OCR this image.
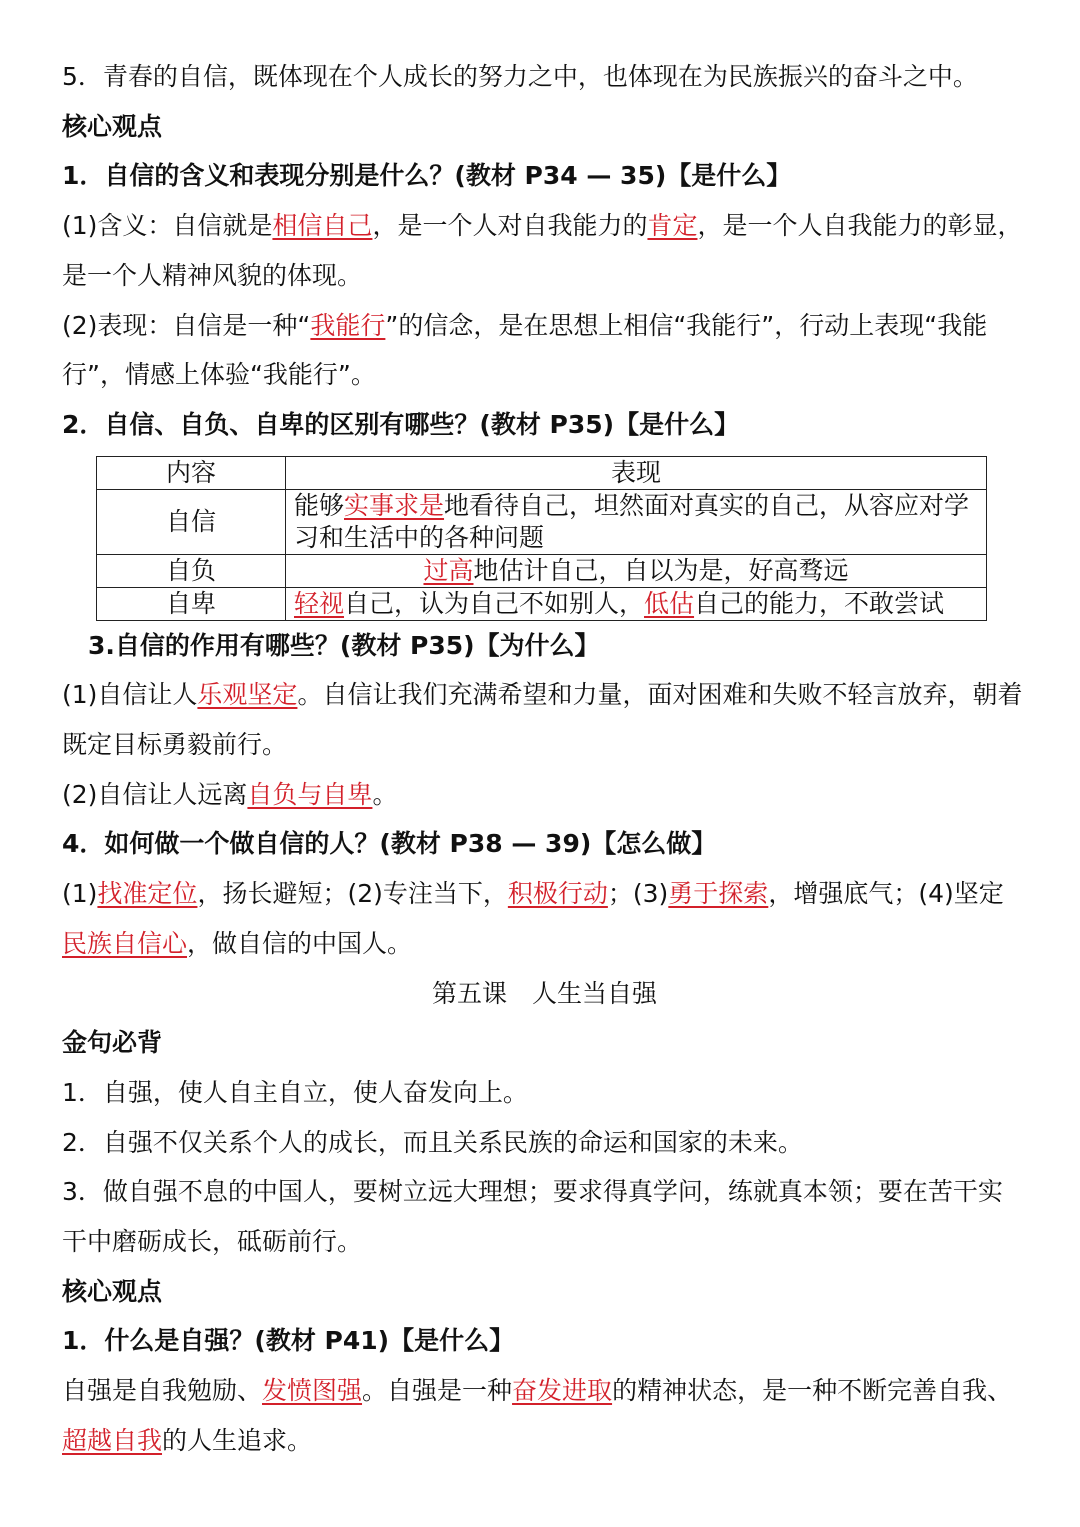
5．青春的自信，既体现在个人成长的努力之中，也体现在为民族振兴的奋斗之中。
核心观点
1．自信的含义和表现分别是什么？(教材 P34 — 35)【是什么】
(1)含义：自信就是相信自己，是一个人对自我能力的肯定，是一个人自我能力的彰显，是一个人精神风貌的体现。
(2)表现：自信是一种“我能行”的信念，是在思想上相信“我能行”，行动上表现“我能行”，情感上体验“我能行”。
2．自信、自负、自卑的区别有哪些？(教材 P35)【是什么】
内容	表现
自信	能够实事求是地看待自己，坦然面对真实的自己，从容应对学习和生活中的各种问题
自负	过高地估计自己，自以为是，好高骛远
自卑	轻视自己，认为自己不如别人，低估自己的能力，不敢尝试
3.自信的作用有哪些？(教材 P35)【为什么】
(1)自信让人乐观坚定。自信让我们充满希望和力量，面对困难和失败不轻言放弃，朝着既定目标勇毅前行。
(2)自信让人远离自负与自卑。
4．如何做一个做自信的人？(教材 P38 — 39)【怎么做】
(1)找准定位，扬长避短；(2)专注当下，积极行动；(3)勇于探索，增强底气；(4)坚定民族自信心，做自信的中国人。
第五课　人生当自强
金句必背
1．自强，使人自主自立，使人奋发向上。
2．自强不仅关系个人的成长，而且关系民族的命运和国家的未来。
3．做自强不息的中国人，要树立远大理想；要求得真学问，练就真本领；要在苦干实干中磨砺成长，砥砺前行。
核心观点
1．什么是自强？(教材 P41)【是什么】
自强是自我勉励、发愤图强。自强是一种奋发进取的精神状态，是一种不断完善自我、超越自我的人生追求。
